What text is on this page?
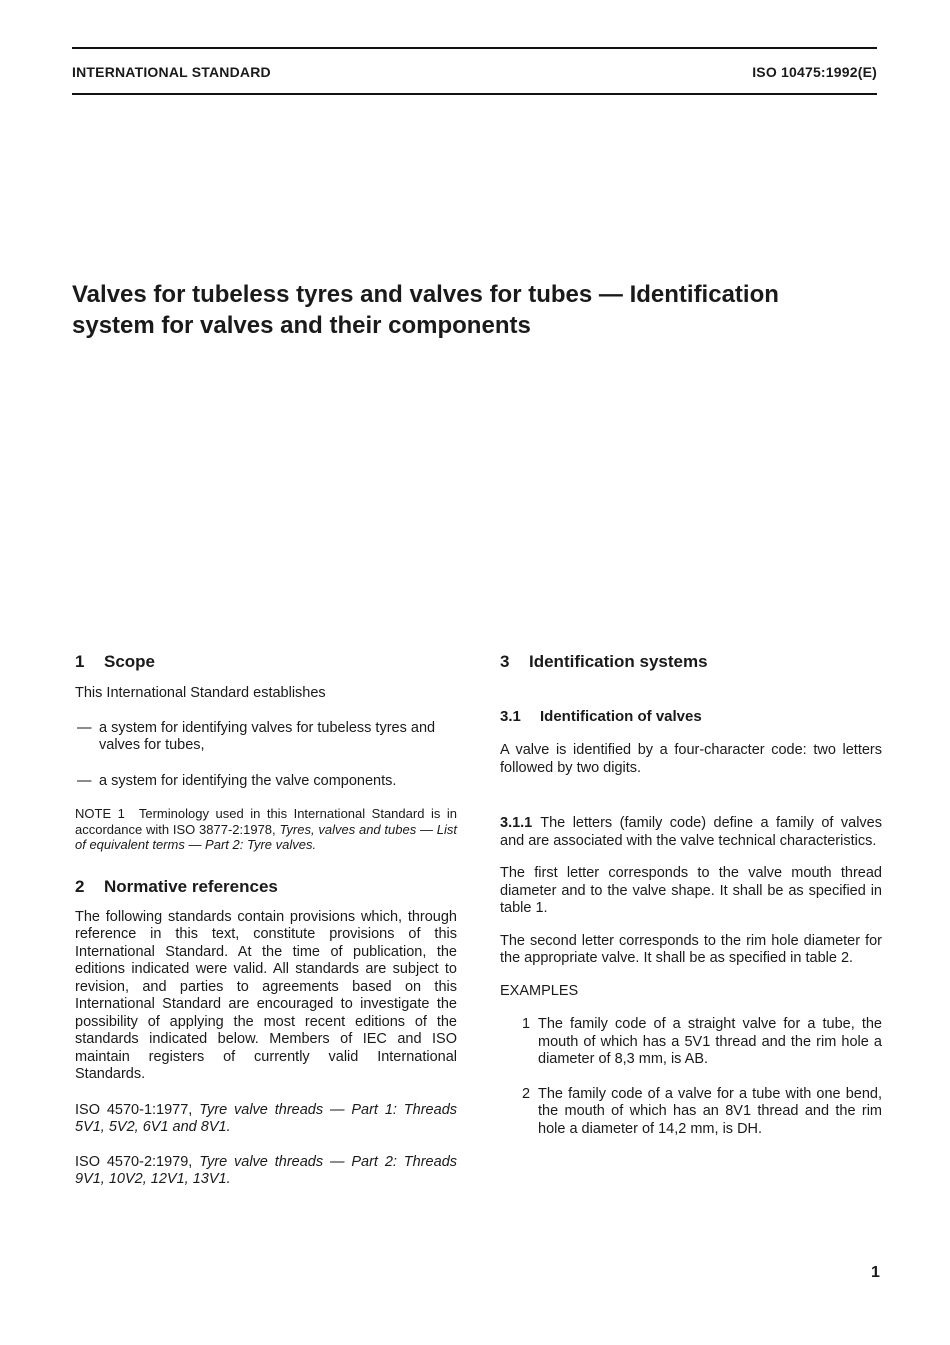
INTERNATIONAL STANDARD	ISO 10475:1992(E)
Valves for tubeless tyres and valves for tubes — Identification
system for valves and their components
1 Scope

This International Standard establishes

— a system for identifying valves for tubeless tyres and valves for tubes,
— a system for identifying the valve components.
NOTE 1 Terminology used in this International Standard is in accordance with ISO 3877-2:1978, Tyres, valves and tubes — List of equivalent terms — Part 2: Tyre valves.
2 Normative references

The following standards contain provisions which, through reference in this text, constitute provisions of this International Standard. At the time of publication, the editions indicated were valid. All standards are subject to revision, and parties to agreements based on this International Standard are encouraged to investigate the possibility of applying the most recent editions of the standards indicated below. Members of IEC and ISO maintain registers of currently valid International Standards.

ISO 4570-1:1977, Tyre valve threads — Part 1: Threads 5V1, 5V2, 6V1 and 8V1.

ISO 4570-2:1979, Tyre valve threads — Part 2: Threads 9V1, 10V2, 12V1, 13V1.

3 Identification systems
3.1 Identification of valves

A valve is identified by a four-character code: two letters followed by two digits.

3.1.1 The letters (family code) define a family of valves and are associated with the valve technical characteristics.

The first letter corresponds to the valve mouth thread diameter and to the valve shape. It shall be as specified in table 1.

The second letter corresponds to the rim hole diameter for the appropriate valve. It shall be as specified in table 2.

EXAMPLES

1 The family code of a straight valve for a tube, the mouth of which has a 5V1 thread and the rim hole a diameter of 8,3 mm, is AB.
2 The family code of a valve for a tube with one bend, the mouth of which has an 8V1 thread and the rim hole a diameter of 14,2 mm, is DH.
1
